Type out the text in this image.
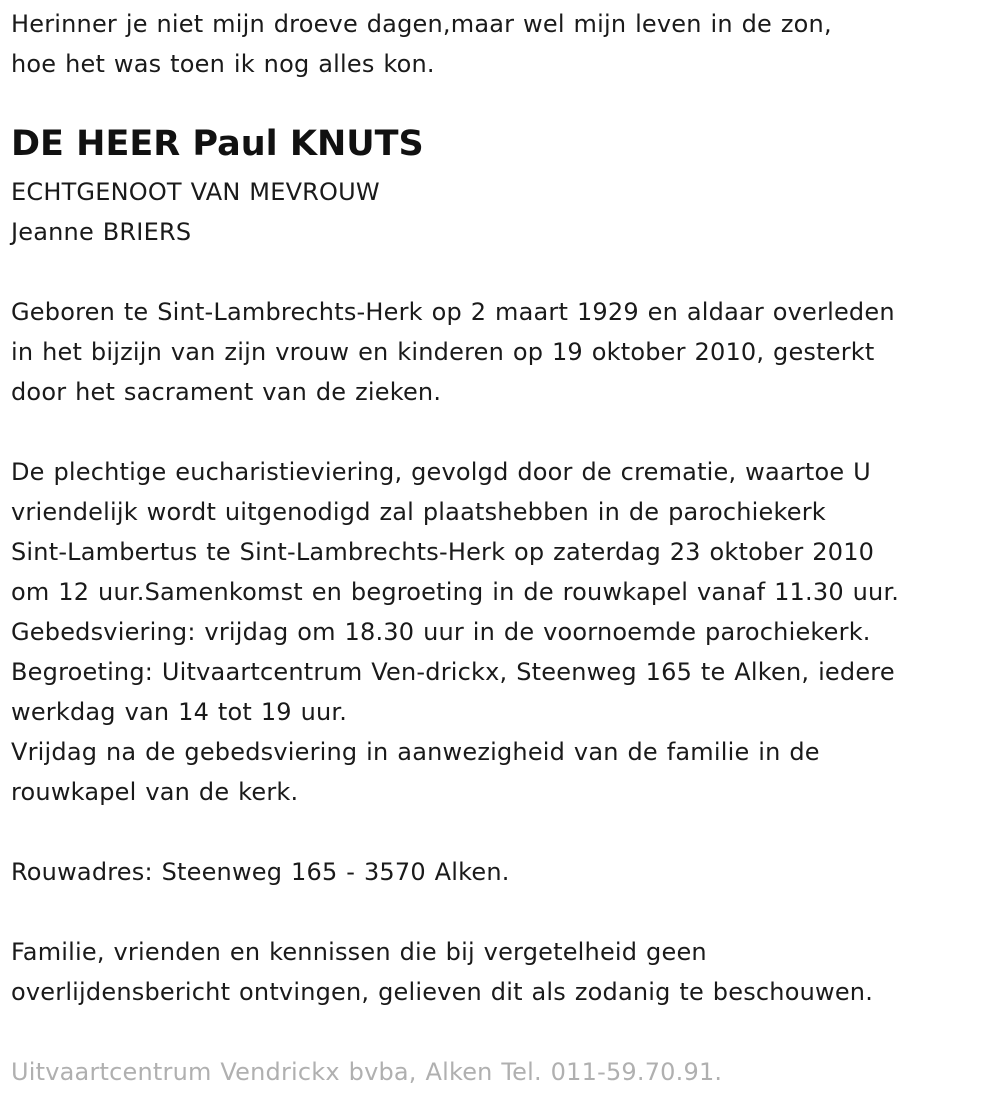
Herinner je niet mijn droeve dagen,maar wel mijn leven in de zon,
hoe het was toen ik nog alles kon.
DE HEER Paul KNUTS
ECHTGENOOT VAN MEVROUW
Jeanne BRIERS
Geboren te Sint-Lambrechts-Herk op 2 maart 1929 en aldaar overleden
in het bijzijn van zijn vrouw en kinderen op 19 oktober 2010, gesterkt
door het sacrament van de zieken.
De plechtige eucharistieviering, gevolgd door de crematie, waartoe U
vriendelijk wordt uitgenodigd zal plaatshebben in de parochiekerk
Sint-Lambertus te Sint-Lambrechts-Herk op zaterdag 23 oktober 2010
om 12 uur.Samenkomst en begroeting in de rouwkapel vanaf 11.30 uur.
Gebedsviering: vrijdag om 18.30 uur in de voornoemde parochiekerk.
Begroeting: Uitvaartcentrum Ven-drickx, Steenweg 165 te Alken, iedere
werkdag van 14 tot 19 uur.
Vrijdag na de gebedsviering in aanwezigheid van de familie in de
rouwkapel van de kerk.
Rouwadres: Steenweg 165 - 3570 Alken.
Familie, vrienden en kennissen die bij vergetelheid geen
overlijdensbericht ontvingen, gelieven dit als zodanig te beschouwen.
Uitvaartcentrum Vendrickx bvba, Alken Tel. 011-59.70.91.
